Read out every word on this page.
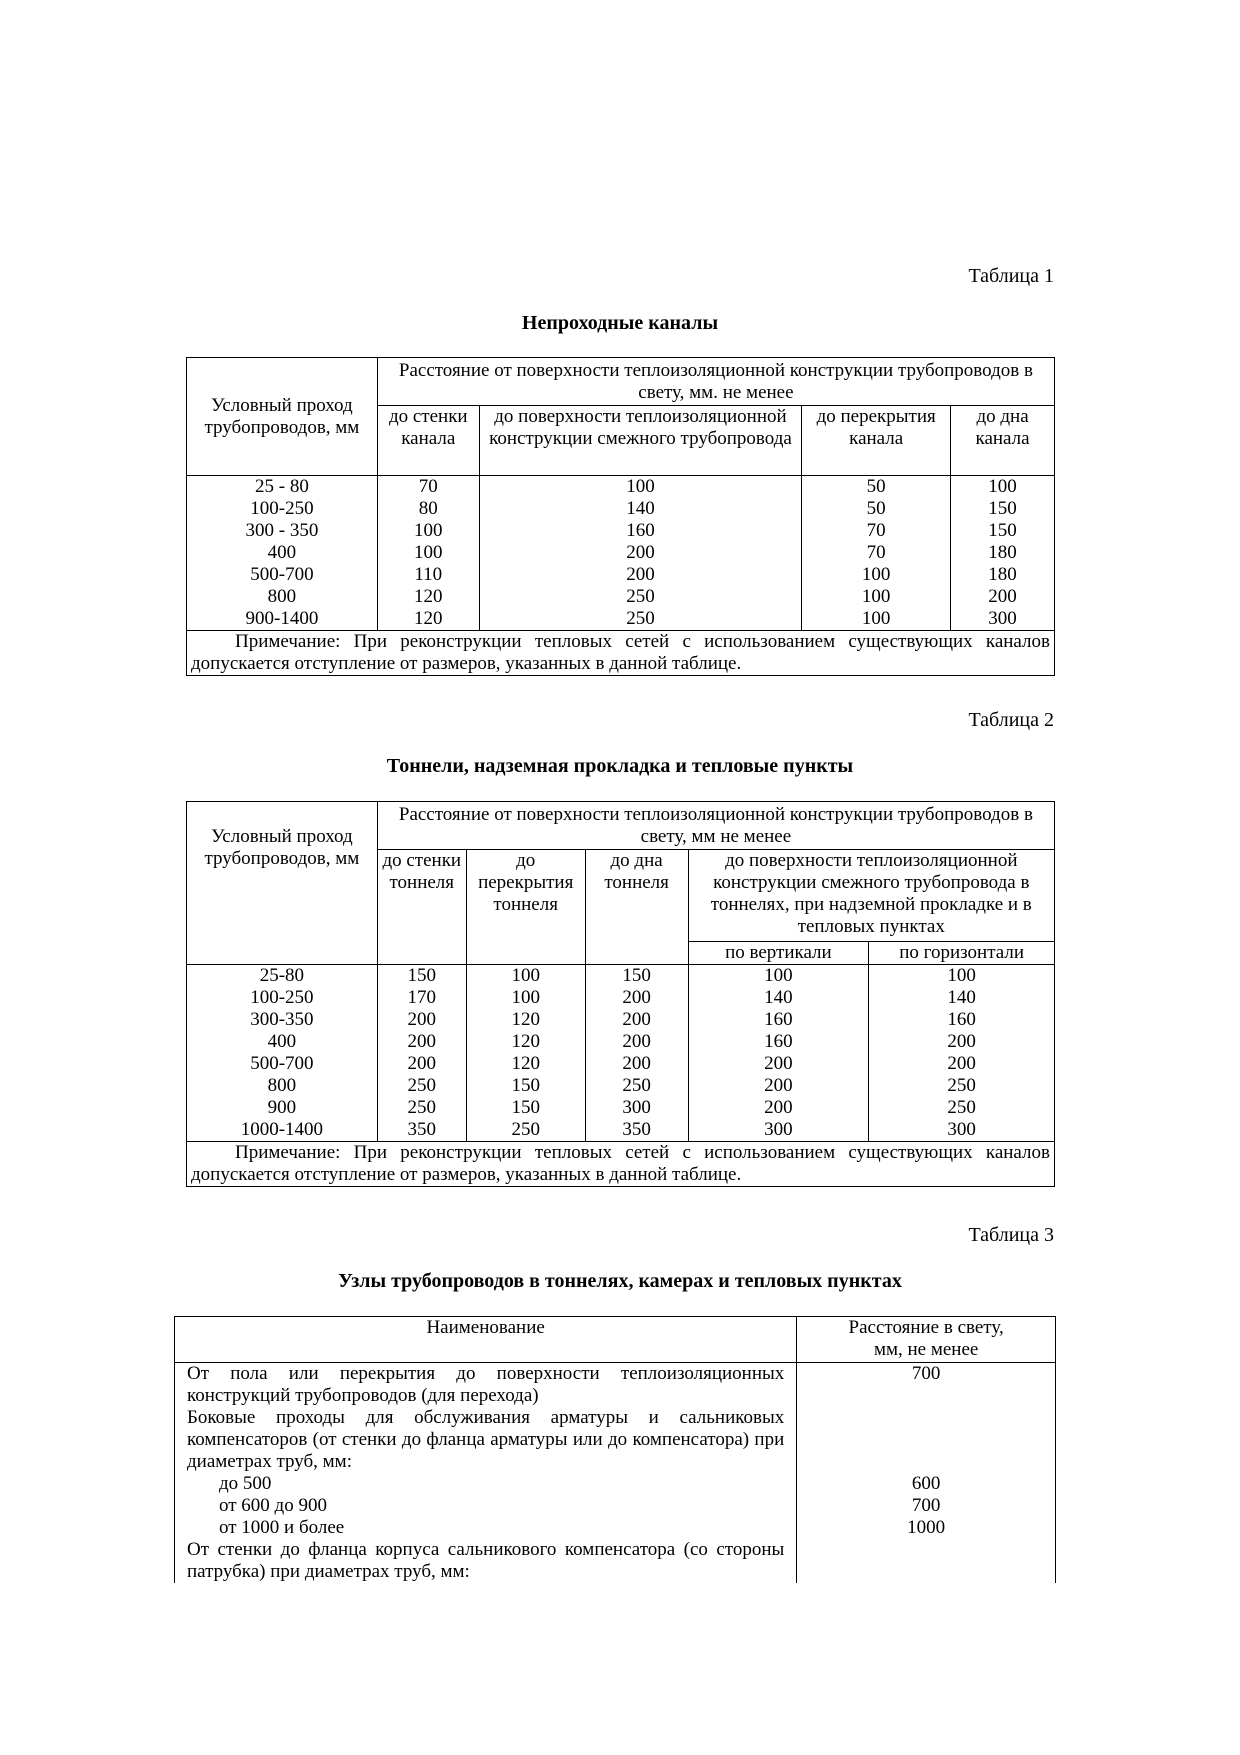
Таблица 1
Непроходные каналы
Условный проход трубопроводов, мм	Расстояние от поверхности теплоизоляционной конструкции трубопроводов в свету, мм. не менее			
	до стенки канала	до поверхности теплоизоляционной конструкции смежного трубопровода	до перекрытия канала	до дна канала
25 - 80	70	100	50	100
100-250	80	140	50	150
300 - 350	100	160	70	150
400	100	200	70	180
500-700	110	200	100	180
800	120	250	100	200
900-1400	120	250	100	300
Примечание: При реконструкции тепловых сетей с использованием существующих каналов допускается отступление от размеров, указанных в данной таблице.				
Таблица 2
Тоннели, надземная прокладка и тепловые пункты
Условный проход трубопроводов, мм	Расстояние от поверхности теплоизоляционной конструкции трубопроводов в свету, мм не менее				
	до стенки тоннеля	до перекрытия тоннеля	до дна тоннеля	до поверхности теплоизоляционной конструкции смежного трубопровода в тоннелях, при надземной прокладке и в тепловых пунктах	
				по вертикали	по горизонтали
25-80	150	100	150	100	100
100-250	170	100	200	140	140
300-350	200	120	200	160	160
400	200	120	200	160	200
500-700	200	120	200	200	200
800	250	150	250	200	250
900	250	150	300	200	250
1000-1400	350	250	350	300	300
Примечание: При реконструкции тепловых сетей с использованием существующих каналов допускается отступление от размеров, указанных в данной таблице.					
Таблица 3
Узлы трубопроводов в тоннелях, камерах и тепловых пунктах
Наименование	Расстояние в свету,
мм, не менее

От пола или перекрытия до поверхности теплоизоляционных конструкций трубопроводов (для перехода)	700
Боковые проходы для обслуживания арматуры и сальниковых компенсаторов (от стенки до фланца арматуры или до компенсатора) при диаметрах труб, мм:	
до 500	600
от 600 до 900	700
от 1000 и более	1000
От стенки до фланца корпуса сальникового компенсатора (со стороны патрубка) при диаметрах труб, мм:	
